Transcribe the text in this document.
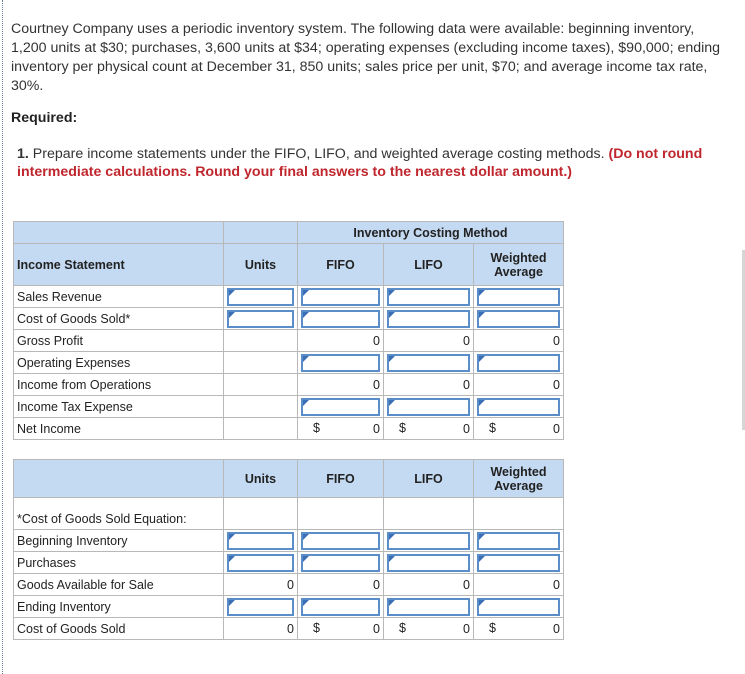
Courtney Company uses a periodic inventory system. The following data were available: beginning inventory, 1,200 units at $30; purchases, 3,600 units at $34; operating expenses (excluding income taxes), $90,000; ending inventory per physical count at December 31, 850 units; sales price per unit, $70; and average income tax rate, 30%.
Required:
1. Prepare income statements under the FIFO, LIFO, and weighted average costing methods. (Do not round intermediate calculations. Round your final answers to the nearest dollar amount.)
		Inventory Costing Method		
Income Statement	Units	FIFO	LIFO	Weighted
Average
Sales Revenue	

Cost of Goods Sold*	

Gross Profit		0	0	0
Operating Expenses		

Income from Operations		0	0	0
Income Tax Expense		

Net Income		$ 0	$ 0	$ 0

	Units	FIFO	LIFO	Weighted
Average
*Cost of Goods Sold Equation:				
Beginning Inventory	

Purchases	

Goods Available for Sale	0	0	0	0
Ending Inventory	

Cost of Goods Sold	0	$ 0	$ 0	$ 0
